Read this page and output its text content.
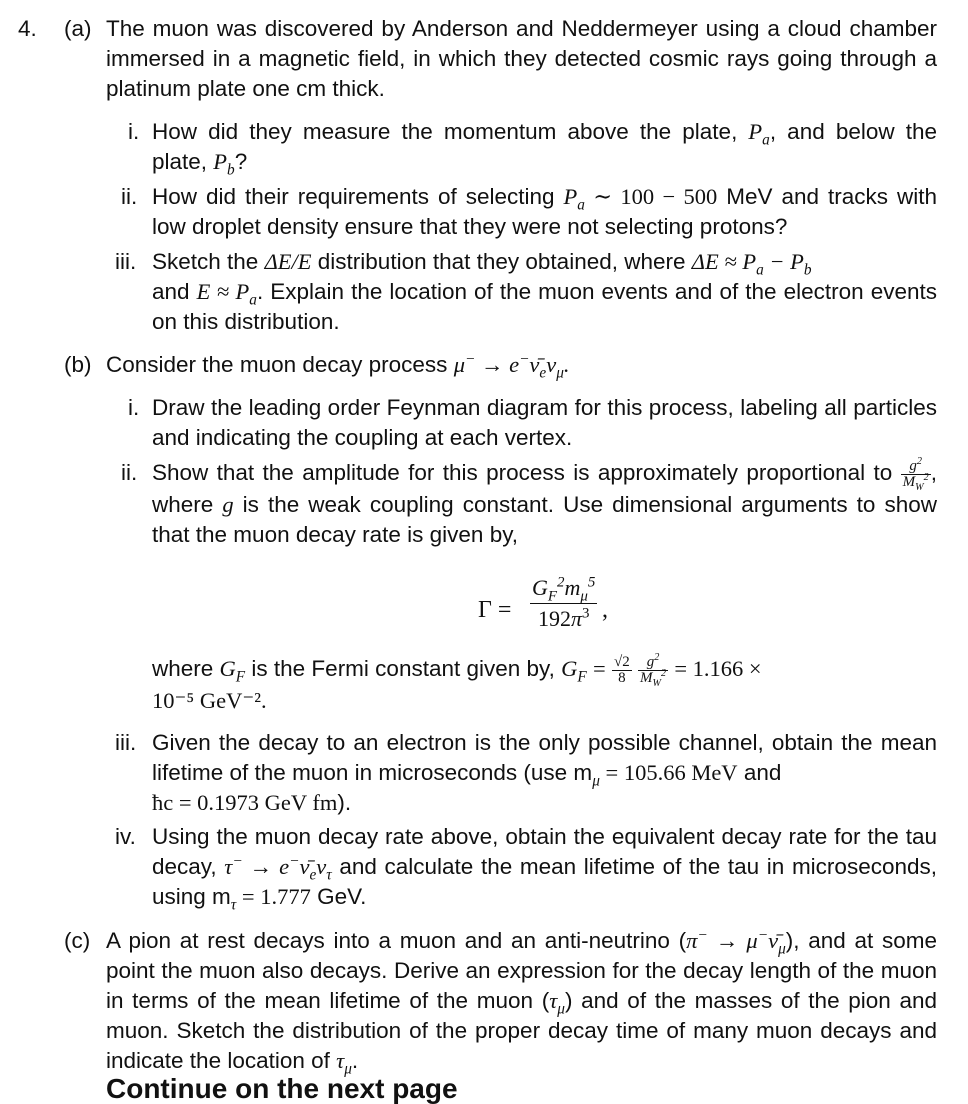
4. (a) The muon was discovered by Anderson and Neddermeyer using a cloud chamber immersed in a magnetic field, in which they detected cosmic rays going through a platinum plate one cm thick.
i. How did they measure the momentum above the plate, $P_a$, and below the plate, $P_b$?
ii. How did their requirements of selecting $P_a$ ∼ 100 − 500 MeV and tracks with low droplet density ensure that they were not selecting protons?
iii. Sketch the ΔE/E distribution that they obtained, where $\Delta E \approx P_a - P_b$
and $E \approx P_a$. Explain the location of the muon events and of the electron events on this distribution.
(b) Consider the muon decay process $\mu^- \to e^-\nū_e\nu_\mu$.
i. Draw the leading order Feynman diagram for this process, labeling all particles and indicating the coupling at each vertex.
ii. Show that the amplitude for this process is approximately proportional to $\frac{g^2}{M_W^2}$ , where g is the weak coupling constant. Use dimensional arguments to show that the muon decay rate is given by,
$\Gamma = \frac{G_F^2m_\mu^5}{192\pi^3}$ ,
where $G_F$ is the Fermi constant given by, $G_F = \frac{√2}{8}$
$\frac{g^2}{M_W^2} = 1.166$ ×
10⁻⁵ GeV⁻².
iii. Given the decay to an electron is the only possible channel, obtain the mean lifetime of the muon in microseconds (use $m_\mu = 105.66$ MeV and
ħc = 0.1973 GeV fm).
iv. Using the muon decay rate above, obtain the equivalent decay rate for the tau decay, $\tau^- \to e^-\nū_e\nu_\tau$ and calculate the mean lifetime of the tau in microseconds, using $m_\tau = 1.777$ GeV.
(c) A pion at rest decays into a muon and an anti-neutrino $(\pi^- \to \mu^-\nū_\mu)$, and at some point the muon also decays. Derive an expression for the decay length of the muon in terms of the mean lifetime of the muon $(\tau_\mu)$ and of the masses of the pion and muon. Sketch the distribution of the proper decay time of many muon decays and indicate the location of $\tau_\mu$.
Continue on the next page
